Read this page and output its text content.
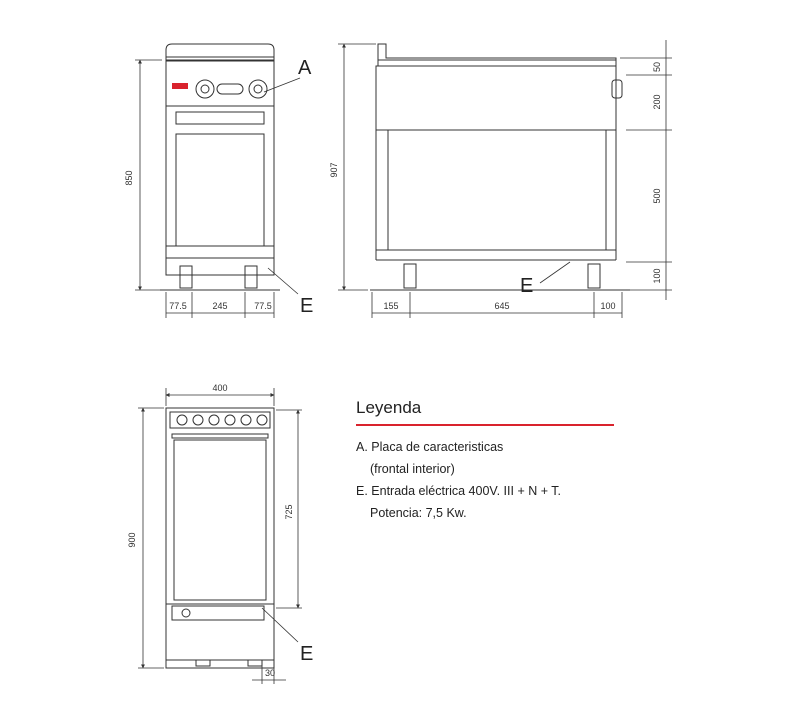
850
77.5	245	77.5
A
E
907
50
200
500
100
155	645	100
E
400
900
725
30
E
Leyenda

A. Placa de caracteristicas

(frontal interior)

E. Entrada eléctrica 400V. III + N + T.

Potencia: 7,5 Kw.
